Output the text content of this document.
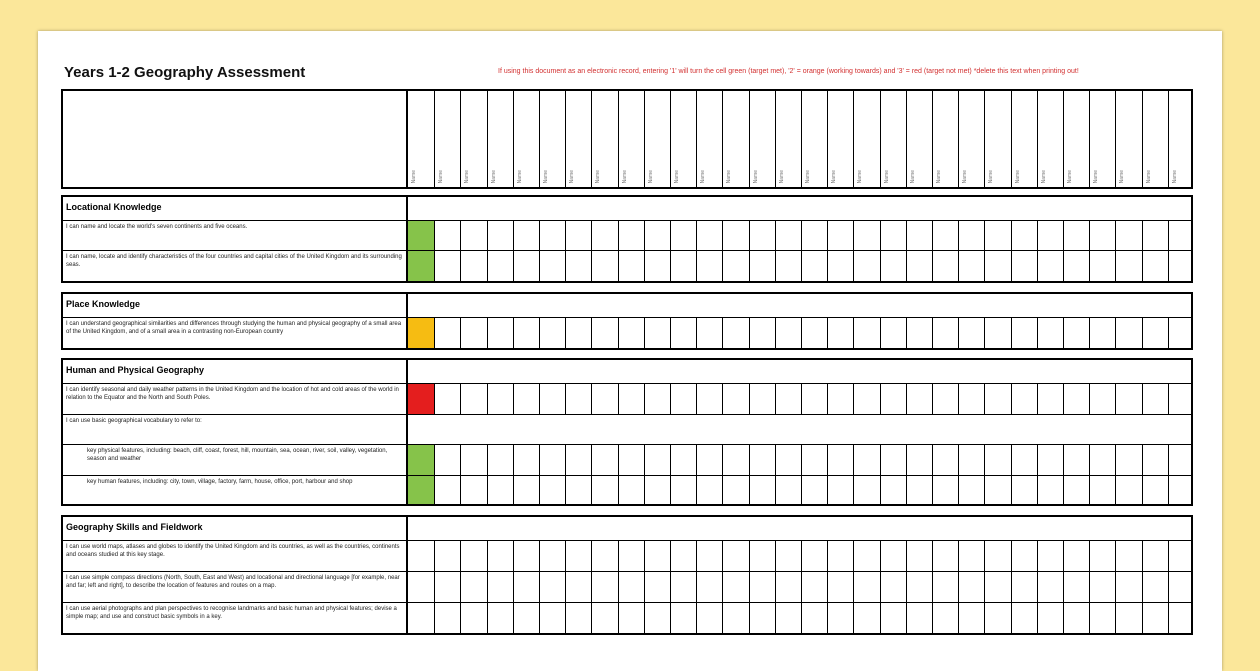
Years 1-2 Geography Assessment	If using this document as an electronic record, entering '1' will turn the cell green (target met), '2' = orange (working towards) and '3' = red (target not met) *delete this text when printing out!
Name	Name	Name	Name	Name	Name	Name	Name	Name	Name	Name	Name	Name	Name	Name	Name	Name	Name	Name	Name	Name	Name	Name	Name	Name	Name	Name	Name	Name	Name
Locational Knowledge
I can name and locate the world's seven continents and five oceans.
I can name, locate and identify characteristics of the four countries and capital cities of the United Kingdom and its surrounding seas.
Place Knowledge
I can understand geographical similarities and differences through studying the human and physical geography of a small area of the United Kingdom, and of a small area in a contrasting non-European country
Human and Physical Geography
I can identify seasonal and daily weather patterns in the United Kingdom and the location of hot and cold areas of the world in relation to the Equator and the North and South Poles.
I can use basic geographical vocabulary to refer to:
key physical features, including: beach, cliff, coast, forest, hill, mountain, sea, ocean, river, soil, valley, vegetation, season and weather
key human features, including: city, town, village, factory, farm, house, office, port, harbour and shop
Geography Skills and Fieldwork
I can use world maps, atlases and globes to identify the United Kingdom and its countries, as well as the countries, continents and oceans studied at this key stage.
I can use simple compass directions (North, South, East and West) and locational and directional language [for example, near and far; left and right], to describe the location of features and routes on a map.
I can use aerial photographs and plan perspectives to recognise landmarks and basic human and physical features; devise a simple map; and use and construct basic symbols in a key.
